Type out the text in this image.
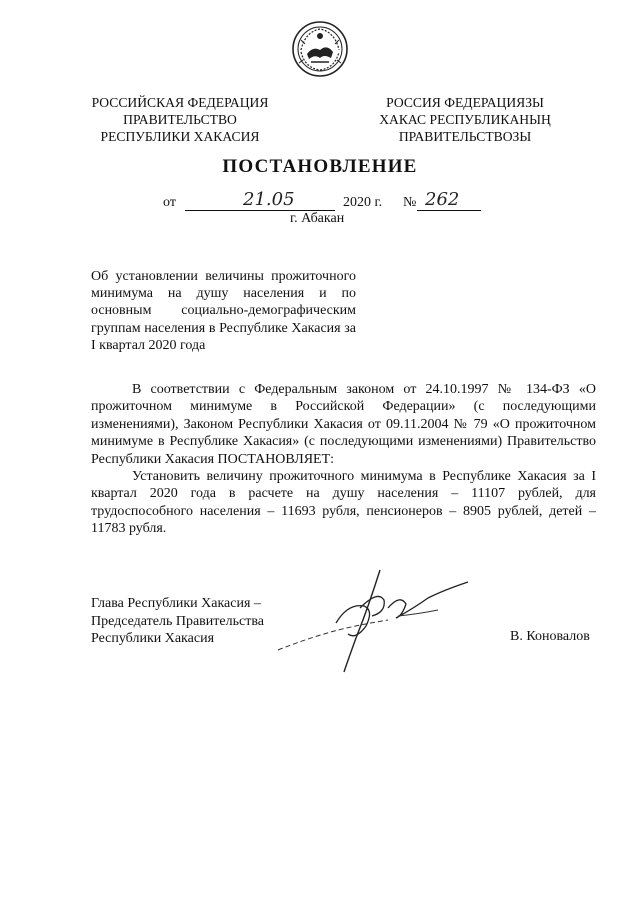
РОССИЙСКАЯ ФЕДЕРАЦИЯ
ПРАВИТЕЛЬСТВО
РЕСПУБЛИКИ ХАКАСИЯ
РОССИЯ ФЕДЕРАЦИЯЗЫ
ХАКАС РЕСПУБЛИКАНЫҢ
ПРАВИТЕЛЬСТВОЗЫ
ПОСТАНОВЛЕНИЕ
от	21.05	2020 г. № 262
г. Абакан
Об установлении величины прожиточного минимума на душу населения и по основным социально-демографическим группам населения в Республике Хакасия за I квартал 2020 года

В соответствии с Федеральным законом от 24.10.1997 № 134-ФЗ «О прожиточном минимуме в Российской Федерации» (с последующими изменениями), Законом Республики Хакасия от 09.11.2004 № 79 «О прожиточном минимуме в Республике Хакасия» (с последующими изменениями) Правительство Республики Хакасия ПОСТАНОВЛЯЕТ:

Установить величину прожиточного минимума в Республике Хакасия за I квартал 2020 года в расчете на душу населения – 11107 рублей, для трудоспособного населения – 11693 рубля, пенсионеров – 8905 рублей, детей – 11783 рубля.

Глава Республики Хакасия –
Председатель Правительства
Республики Хакасия	В. Коновалов
